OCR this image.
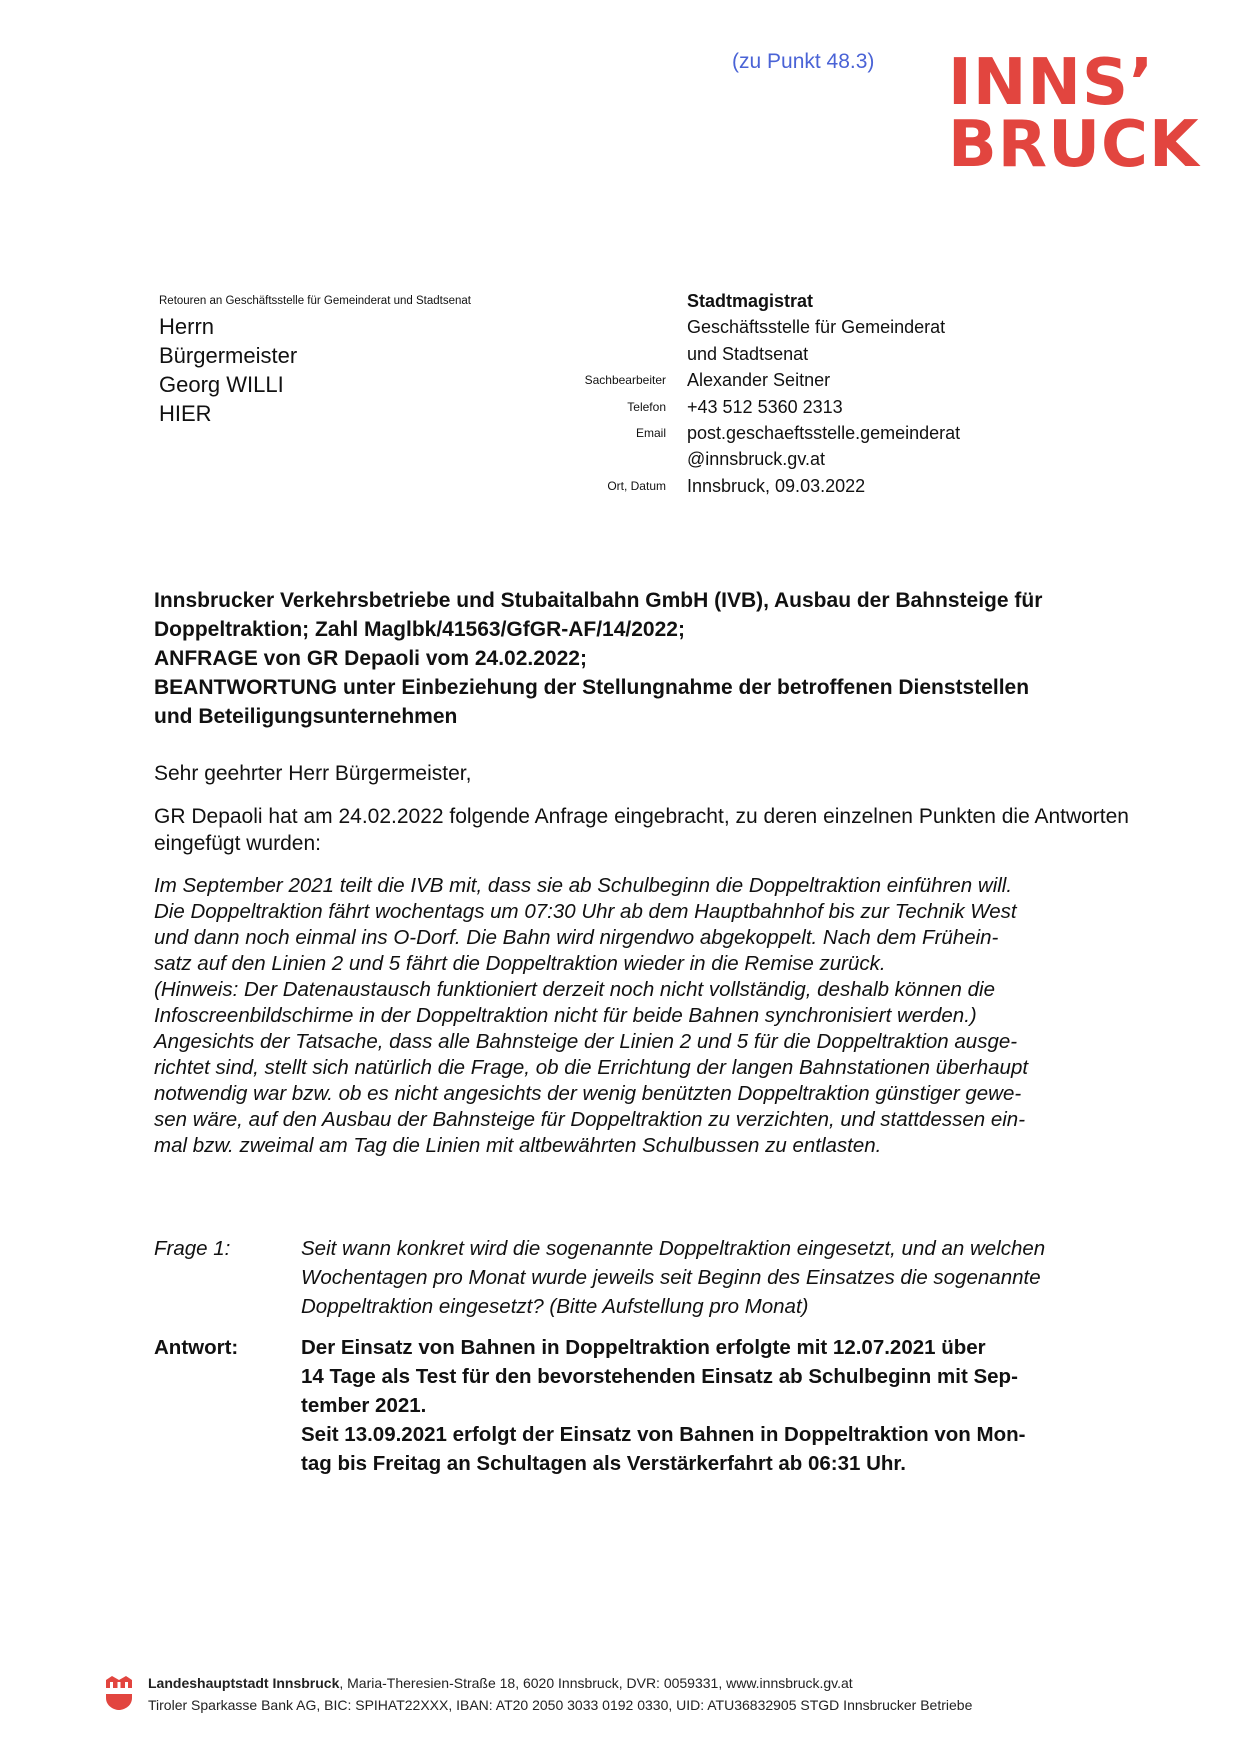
(zu Punkt 48.3) INNS’
BRUCK
Retouren an Geschäftsstelle für Gemeinderat und Stadtsenat
Herrn
Bürgermeister
Georg WILLI
HIER
Sachbearbeiter
Telefon
Email
Ort, Datum
Stadtmagistrat
Geschäftsstelle für Gemeinderat
und Stadtsenat
Alexander Seitner
+43 512 5360 2313
post.geschaeftsstelle.gemeinderat
@innsbruck.gv.at
Innsbruck, 09.03.2022
Innsbrucker Verkehrsbetriebe und Stubaitalbahn GmbH (IVB), Ausbau der Bahnsteige für
Doppeltraktion; Zahl Maglbk/41563/GfGR-AF/14/2022;
ANFRAGE von GR Depaoli vom 24.02.2022;
BEANTWORTUNG unter Einbeziehung der Stellungnahme der betroffenen Dienststellen
und Beteiligungsunternehmen
Sehr geehrter Herr Bürgermeister,
GR Depaoli hat am 24.02.2022 folgende Anfrage eingebracht, zu deren einzelnen Punkten die Antworten eingefügt wurden:
Im September 2021 teilt die IVB mit, dass sie ab Schulbeginn die Doppeltraktion einführen will.
Die Doppeltraktion fährt wochentags um 07:30 Uhr ab dem Hauptbahnhof bis zur Technik West
und dann noch einmal ins O-Dorf. Die Bahn wird nirgendwo abgekoppelt. Nach dem Frühein-
satz auf den Linien 2 und 5 fährt die Doppeltraktion wieder in die Remise zurück.
(Hinweis: Der Datenaustausch funktioniert derzeit noch nicht vollständig, deshalb können die
Infoscreenbildschirme in der Doppeltraktion nicht für beide Bahnen synchronisiert werden.)
Angesichts der Tatsache, dass alle Bahnsteige der Linien 2 und 5 für die Doppeltraktion ausge-
richtet sind, stellt sich natürlich die Frage, ob die Errichtung der langen Bahnstationen überhaupt
notwendig war bzw. ob es nicht angesichts der wenig benützten Doppeltraktion günstiger gewe-
sen wäre, auf den Ausbau der Bahnsteige für Doppeltraktion zu verzichten, und stattdessen ein-
mal bzw. zweimal am Tag die Linien mit altbewährten Schulbussen zu entlasten.
Frage 1:	Seit wann konkret wird die sogenannte Doppeltraktion eingesetzt, und an welchen
Wochentagen pro Monat wurde jeweils seit Beginn des Einsatzes die sogenannte
Doppeltraktion eingesetzt? (Bitte Aufstellung pro Monat)
Antwort:	Der Einsatz von Bahnen in Doppeltraktion erfolgte mit 12.07.2021 über
14 Tage als Test für den bevorstehenden Einsatz ab Schulbeginn mit Sep-
tember 2021.
Seit 13.09.2021 erfolgt der Einsatz von Bahnen in Doppeltraktion von Mon-
tag bis Freitag an Schultagen als Verstärkerfahrt ab 06:31 Uhr.
Landeshauptstadt Innsbruck, Maria-Theresien-Straße 18, 6020 Innsbruck, DVR: 0059331, www.innsbruck.gv.at
Tiroler Sparkasse Bank AG, BIC: SPIHAT22XXX, IBAN: AT20 2050 3033 0192 0330, UID: ATU36832905 STGD Innsbrucker Betriebe
